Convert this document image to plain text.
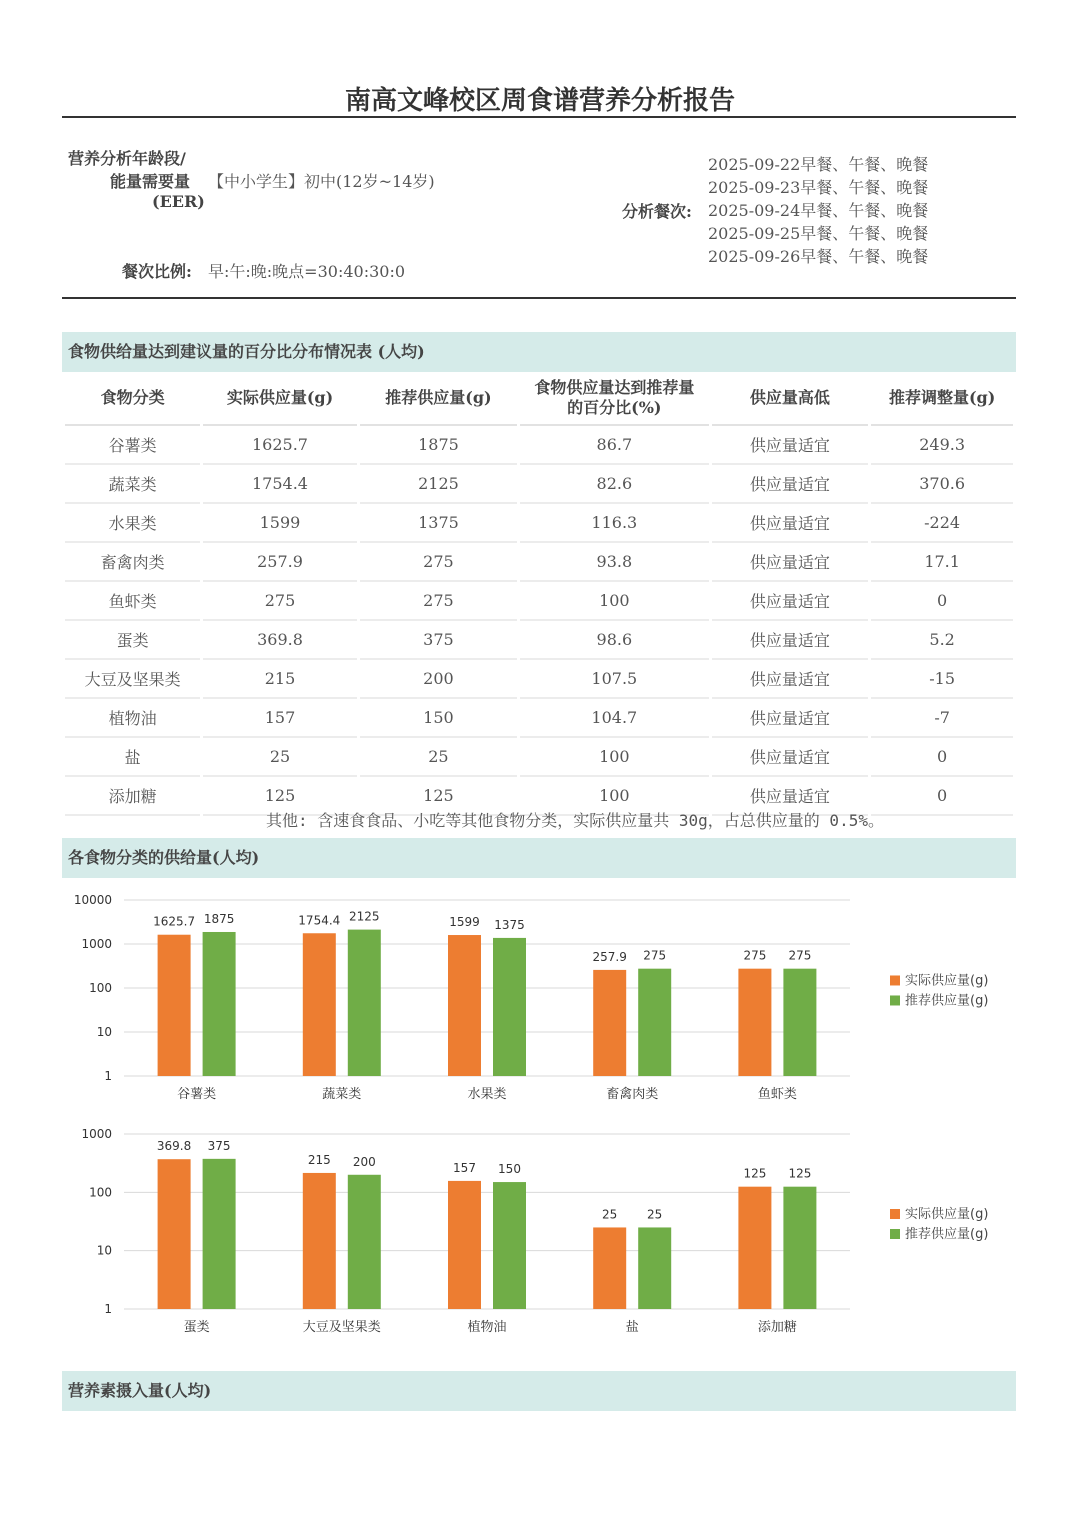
南高文峰校区周食谱营养分析报告
营养分析年龄段/
能量需要量
(EER)
【中小学生】初中(12岁~14岁)
餐次比例: 早:午:晚:晚点=30:40:30:0
分析餐次:
2025-09-22早餐、午餐、晚餐
2025-09-23早餐、午餐、晚餐
2025-09-24早餐、午餐、晚餐
2025-09-25早餐、午餐、晚餐
2025-09-26早餐、午餐、晚餐
食物供给量达到建议量的百分比分布情况表 (人均)
食物分类	实际供应量(g)	推荐供应量(g)	食物供应量达到推荐量的百分比(%)	供应量高低	推荐调整量(g)
谷薯类	1625.7	1875	86.7	供应量适宜	249.3
蔬菜类	1754.4	2125	82.6	供应量适宜	370.6
水果类	1599	1375	116.3	供应量适宜	-224
畜禽肉类	257.9	275	93.8	供应量适宜	17.1
鱼虾类	275	275	100	供应量适宜	0
蛋类	369.8	375	98.6	供应量适宜	5.2
大豆及坚果类	215	200	107.5	供应量适宜	-15
植物油	157	150	104.7	供应量适宜	-7
盐	25	25	100	供应量适宜	0
添加糖	125	125	100	供应量适宜	0
其他: 含速食食品、小吃等其他食物分类，实际供应量共 30g，占总供应量的 0.5%。
各食物分类的供给量(人均)
1
10
100
1000
10000
谷薯类
1625.7 1875
蔬菜类
1754.4 2125
水果类
1599 1375
畜禽肉类
257.9 275
鱼虾类
275 275
实际供应量(g)
推荐供应量(g)
1
10
100
1000
蛋类
369.8 375
大豆及坚果类
215 200
植物油
157 150
盐
25 25
添加糖
125 125
实际供应量(g)
推荐供应量(g)
营养素摄入量(人均)
